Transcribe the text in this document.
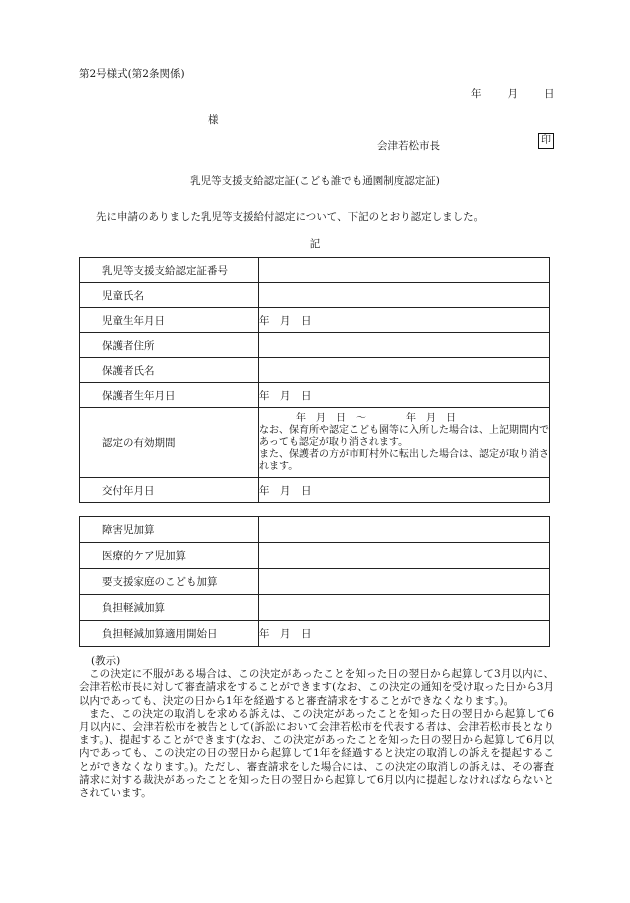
第2号様式(第2条関係)
年 月 日
様
会津若松市長	印
乳児等支援支給認定証(こども誰でも通園制度認定証)
先に申請のありました乳児等支援給付認定について、下記のとおり認定しました。
記
乳児等支援支給認定証番号	
児童氏名	
児童生年月日	年　月　日
保護者住所	
保護者氏名	
保護者生年月日	年　月　日
認定の有効期間	年　月　日　～　　　　年　月　日
なお、保育所や認定こども園等に入所した場合は、上記期間内であっても認定が取り消されます。
また、保護者の方が市町村外に転出した場合は、認定が取り消されます。

交付年月日	年　月　日
障害児加算	
医療的ケア児加算	
要支援家庭のこども加算	
負担軽減加算	
負担軽減加算適用開始日	年　月　日
(教示)

この決定に不服がある場合は、この決定があったことを知った日の翌日から起算して3月以内に、会津若松市長に対して審査請求をすることができます(なお、この決定の通知を受け取った日から3月以内であっても、決定の日から1年を経過すると審査請求をすることができなくなります。)。

また、この決定の取消しを求める訴えは、この決定があったことを知った日の翌日から起算して6月以内に、会津若松市を被告として(訴訟において会津若松市を代表する者は、会津若松市長となります。)、提起することができます(なお、この決定があったことを知った日の翌日から起算して6月以内であっても、この決定の日の翌日から起算して1年を経過すると決定の取消しの訴えを提起することができなくなります。)。ただし、審査請求をした場合には、この決定の取消しの訴えは、その審査請求に対する裁決があったことを知った日の翌日から起算して6月以内に提起しなければならないとされています。
